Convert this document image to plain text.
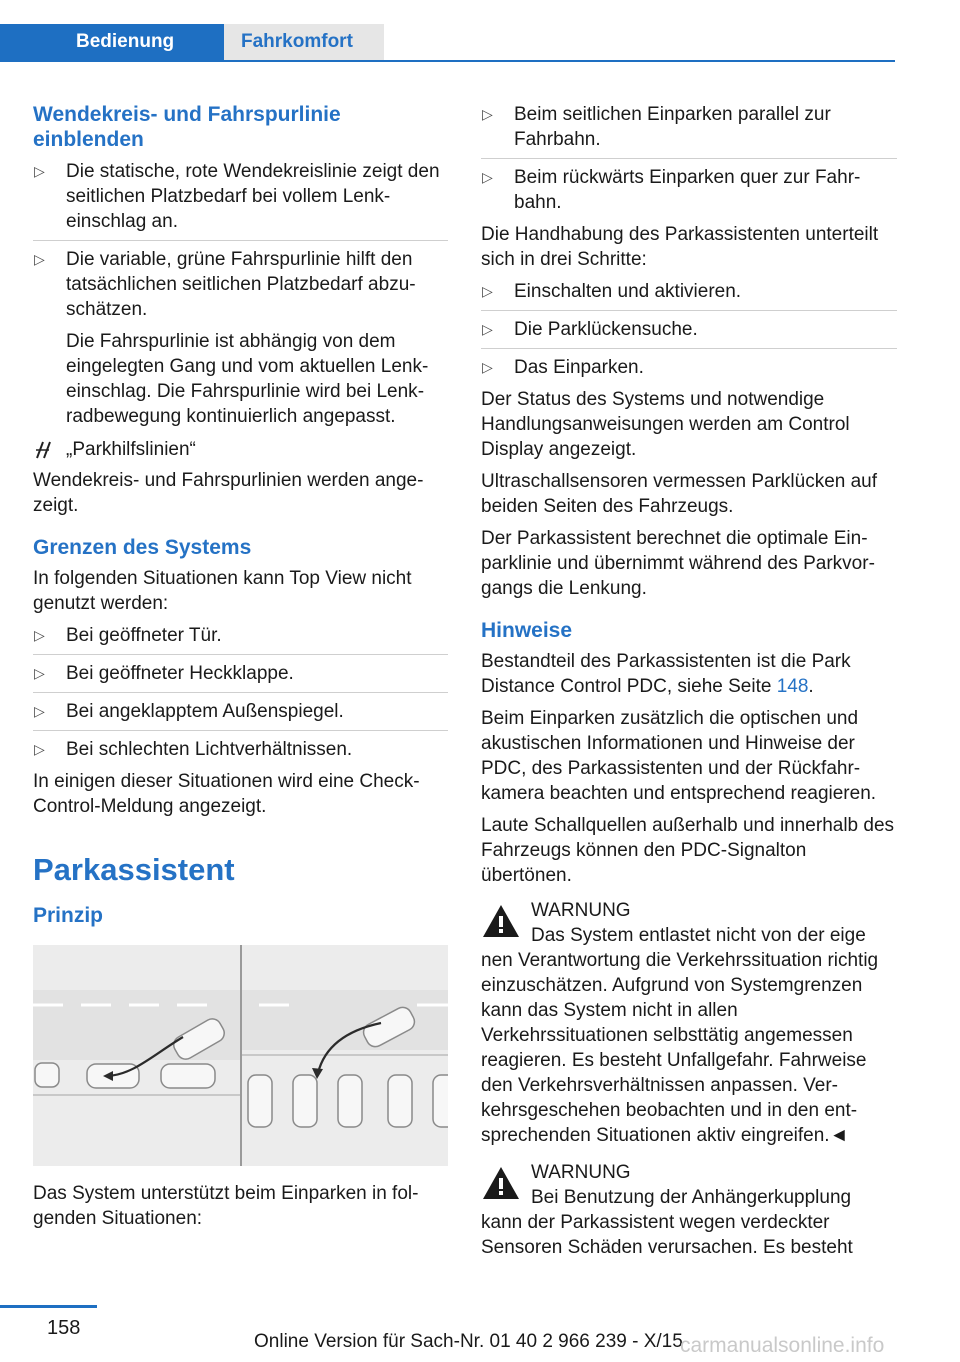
Bedienung	Fahrkomfort
Wendekreis- und Fahrspurlinie einblenden
▷ Die statische, rote Wendekreislinie zeigt den seitlichen Platzbedarf bei vollem Lenkeinschlag an.
▷ Die variable, grüne Fahrspurlinie hilft den tatsächlichen seitlichen Platzbedarf abzuschätzen.
Die Fahrspurlinie ist abhängig von dem eingelegten Gang und vom aktuellen Lenkeinschlag. Die Fahrspurlinie wird bei Lenkradbewegung kontinuierlich angepasst.
„Parkhilfslinien“

Wendekreis- und Fahrspurlinien werden angezeigt.

Grenzen des Systems

In folgenden Situationen kann Top View nicht genutzt werden:

▷ Bei geöffneter Tür.
▷ Bei geöffneter Heckklappe.
▷ Bei angeklapptem Außenspiegel.
▷ Bei schlechten Lichtverhältnissen.

In einigen dieser Situationen wird eine Check-Control-Meldung angezeigt.

Parkassistent
Prinzip

Das System unterstützt beim Einparken in folgenden Situationen:

▷ Beim seitlichen Einparken parallel zur Fahrbahn.
▷ Beim rückwärts Einparken quer zur Fahrbahn.

Die Handhabung des Parkassistenten unterteilt sich in drei Schritte:

▷ Einschalten und aktivieren.
▷ Die Parklückensuche.
▷ Das Einparken.

Der Status des Systems und notwendige Handlungsanweisungen werden am Control Display angezeigt.

Ultraschallsensoren vermessen Parklücken auf beiden Seiten des Fahrzeugs.

Der Parkassistent berechnet die optimale Einparklinie und übernimmt während des Parkvorgangs die Lenkung.

Hinweise

Bestandteil des Parkassistenten ist die Park Distance Control PDC, siehe Seite 148.

Beim Einparken zusätzlich die optischen und akustischen Informationen und Hinweise der PDC, des Parkassistenten und der Rückfahrkamera beachten und entsprechend reagieren.

Laute Schallquellen außerhalb und innerhalb des Fahrzeugs können den PDC-Signalton übertönen.

WARNUNG
Das System entlastet nicht von der eige

nen Verantwortung die Verkehrssituation richtig einzuschätzen. Aufgrund von Systemgrenzen kann das System nicht in allen Verkehrssituationen selbsttätig angemessen reagieren. Es besteht Unfallgefahr. Fahrweise den Verkehrsverhältnissen anpassen. Verkehrsgeschehen beobachten und in den entsprechenden Situationen aktiv eingreifen.◄

WARNUNG
Bei Benutzung der Anhängerkupplung

kann der Parkassistent wegen verdeckter Sensoren Schäden verursachen. Es besteht

158
Online Version für Sach-Nr. 01 40 2 966 239 - X/15
carmanualsonline.info
